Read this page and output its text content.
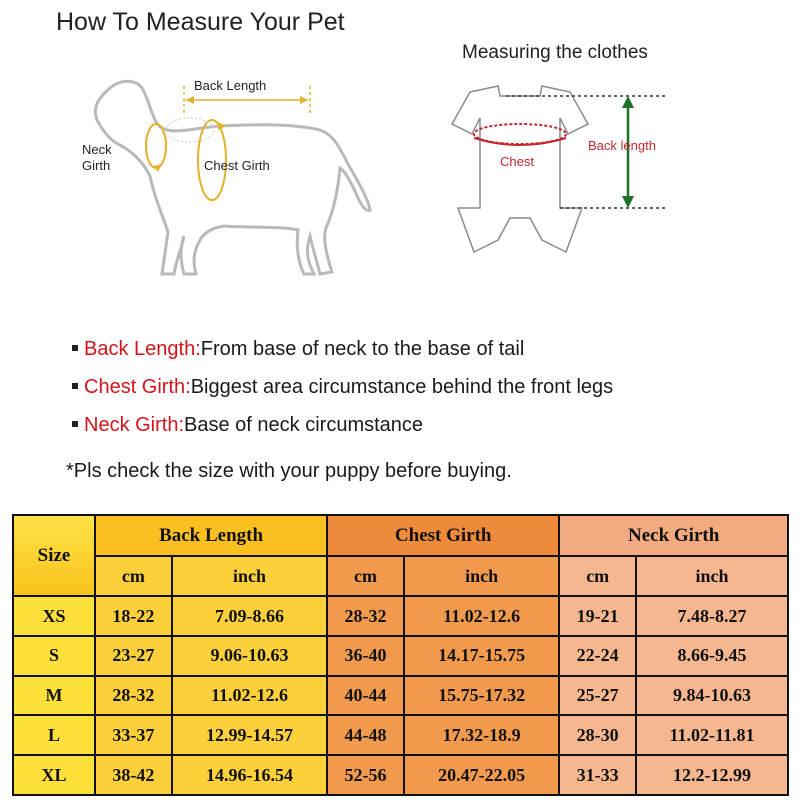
How To Measure Your Pet
Back Length
Neck
Girth	Chest Girth
Measuring the clothes
Chest
Back length
Back Length:From base of neck to the base of tail
Chest Girth:Biggest area circumstance behind the front legs
Neck Girth:Base of neck circumstance
*Pls check the size with your puppy before buying.
Size	Back Length		Chest Girth		Neck Girth	
	cm	inch	cm	inch	cm	inch
XS	18-22	7.09-8.66	28-32	11.02-12.6	19-21	7.48-8.27
S	23-27	9.06-10.63	36-40	14.17-15.75	22-24	8.66-9.45
M	28-32	11.02-12.6	40-44	15.75-17.32	25-27	9.84-10.63
L	33-37	12.99-14.57	44-48	17.32-18.9	28-30	11.02-11.81
XL	38-42	14.96-16.54	52-56	20.47-22.05	31-33	12.2-12.99
